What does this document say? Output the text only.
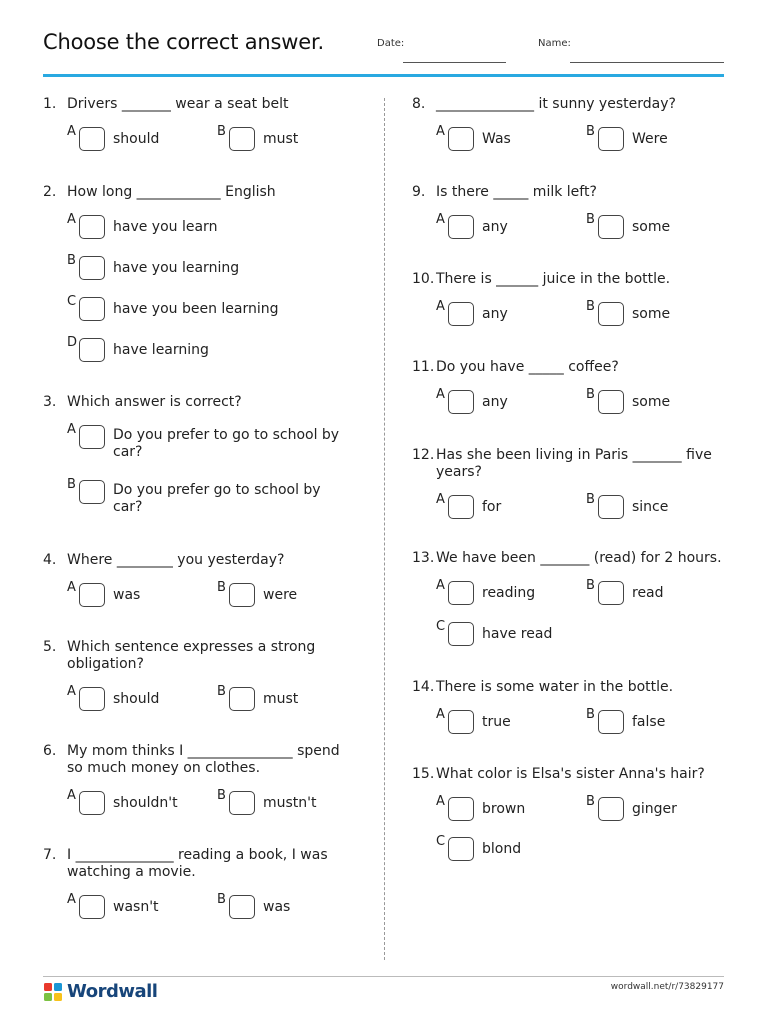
Choose the correct answer.	Date:	Name:
1. Drivers _______ wear a seat belt
A	should	B	must
2. How long ____________ English
A	have you learn
B	have you learning
C	have you been learning
D	have learning
3. Which answer is correct?
A	Do you prefer to go to school by car?
B	Do you prefer go to school by car?
4. Where ________ you yesterday?
A	was	B	were
5. Which sentence expresses a strong obligation?
A	should	B	must
6. My mom thinks I _______________ spend so much money on clothes.
A	shouldn't	B	mustn't
7. I ______________ reading a book, I was watching a movie.
A	wasn't	B	was
8. ______________ it sunny yesterday?
A	Was	B	Were
9. Is there _____ milk left?
A	any	B	some
10. There is ______ juice in the bottle.
A	any	B	some
11. Do you have _____ coffee?
A	any	B	some
12. Has she been living in Paris _______ five years?
A	for	B	since
13. We have been _______ (read) for 2 hours.
A	reading	B	read
C	have read
14. There is some water in the bottle.
A	true	B	false
15. What color is Elsa's sister Anna's hair?
A	brown	B	ginger
C	blond
Wordwall	wordwall.net/r/73829177
